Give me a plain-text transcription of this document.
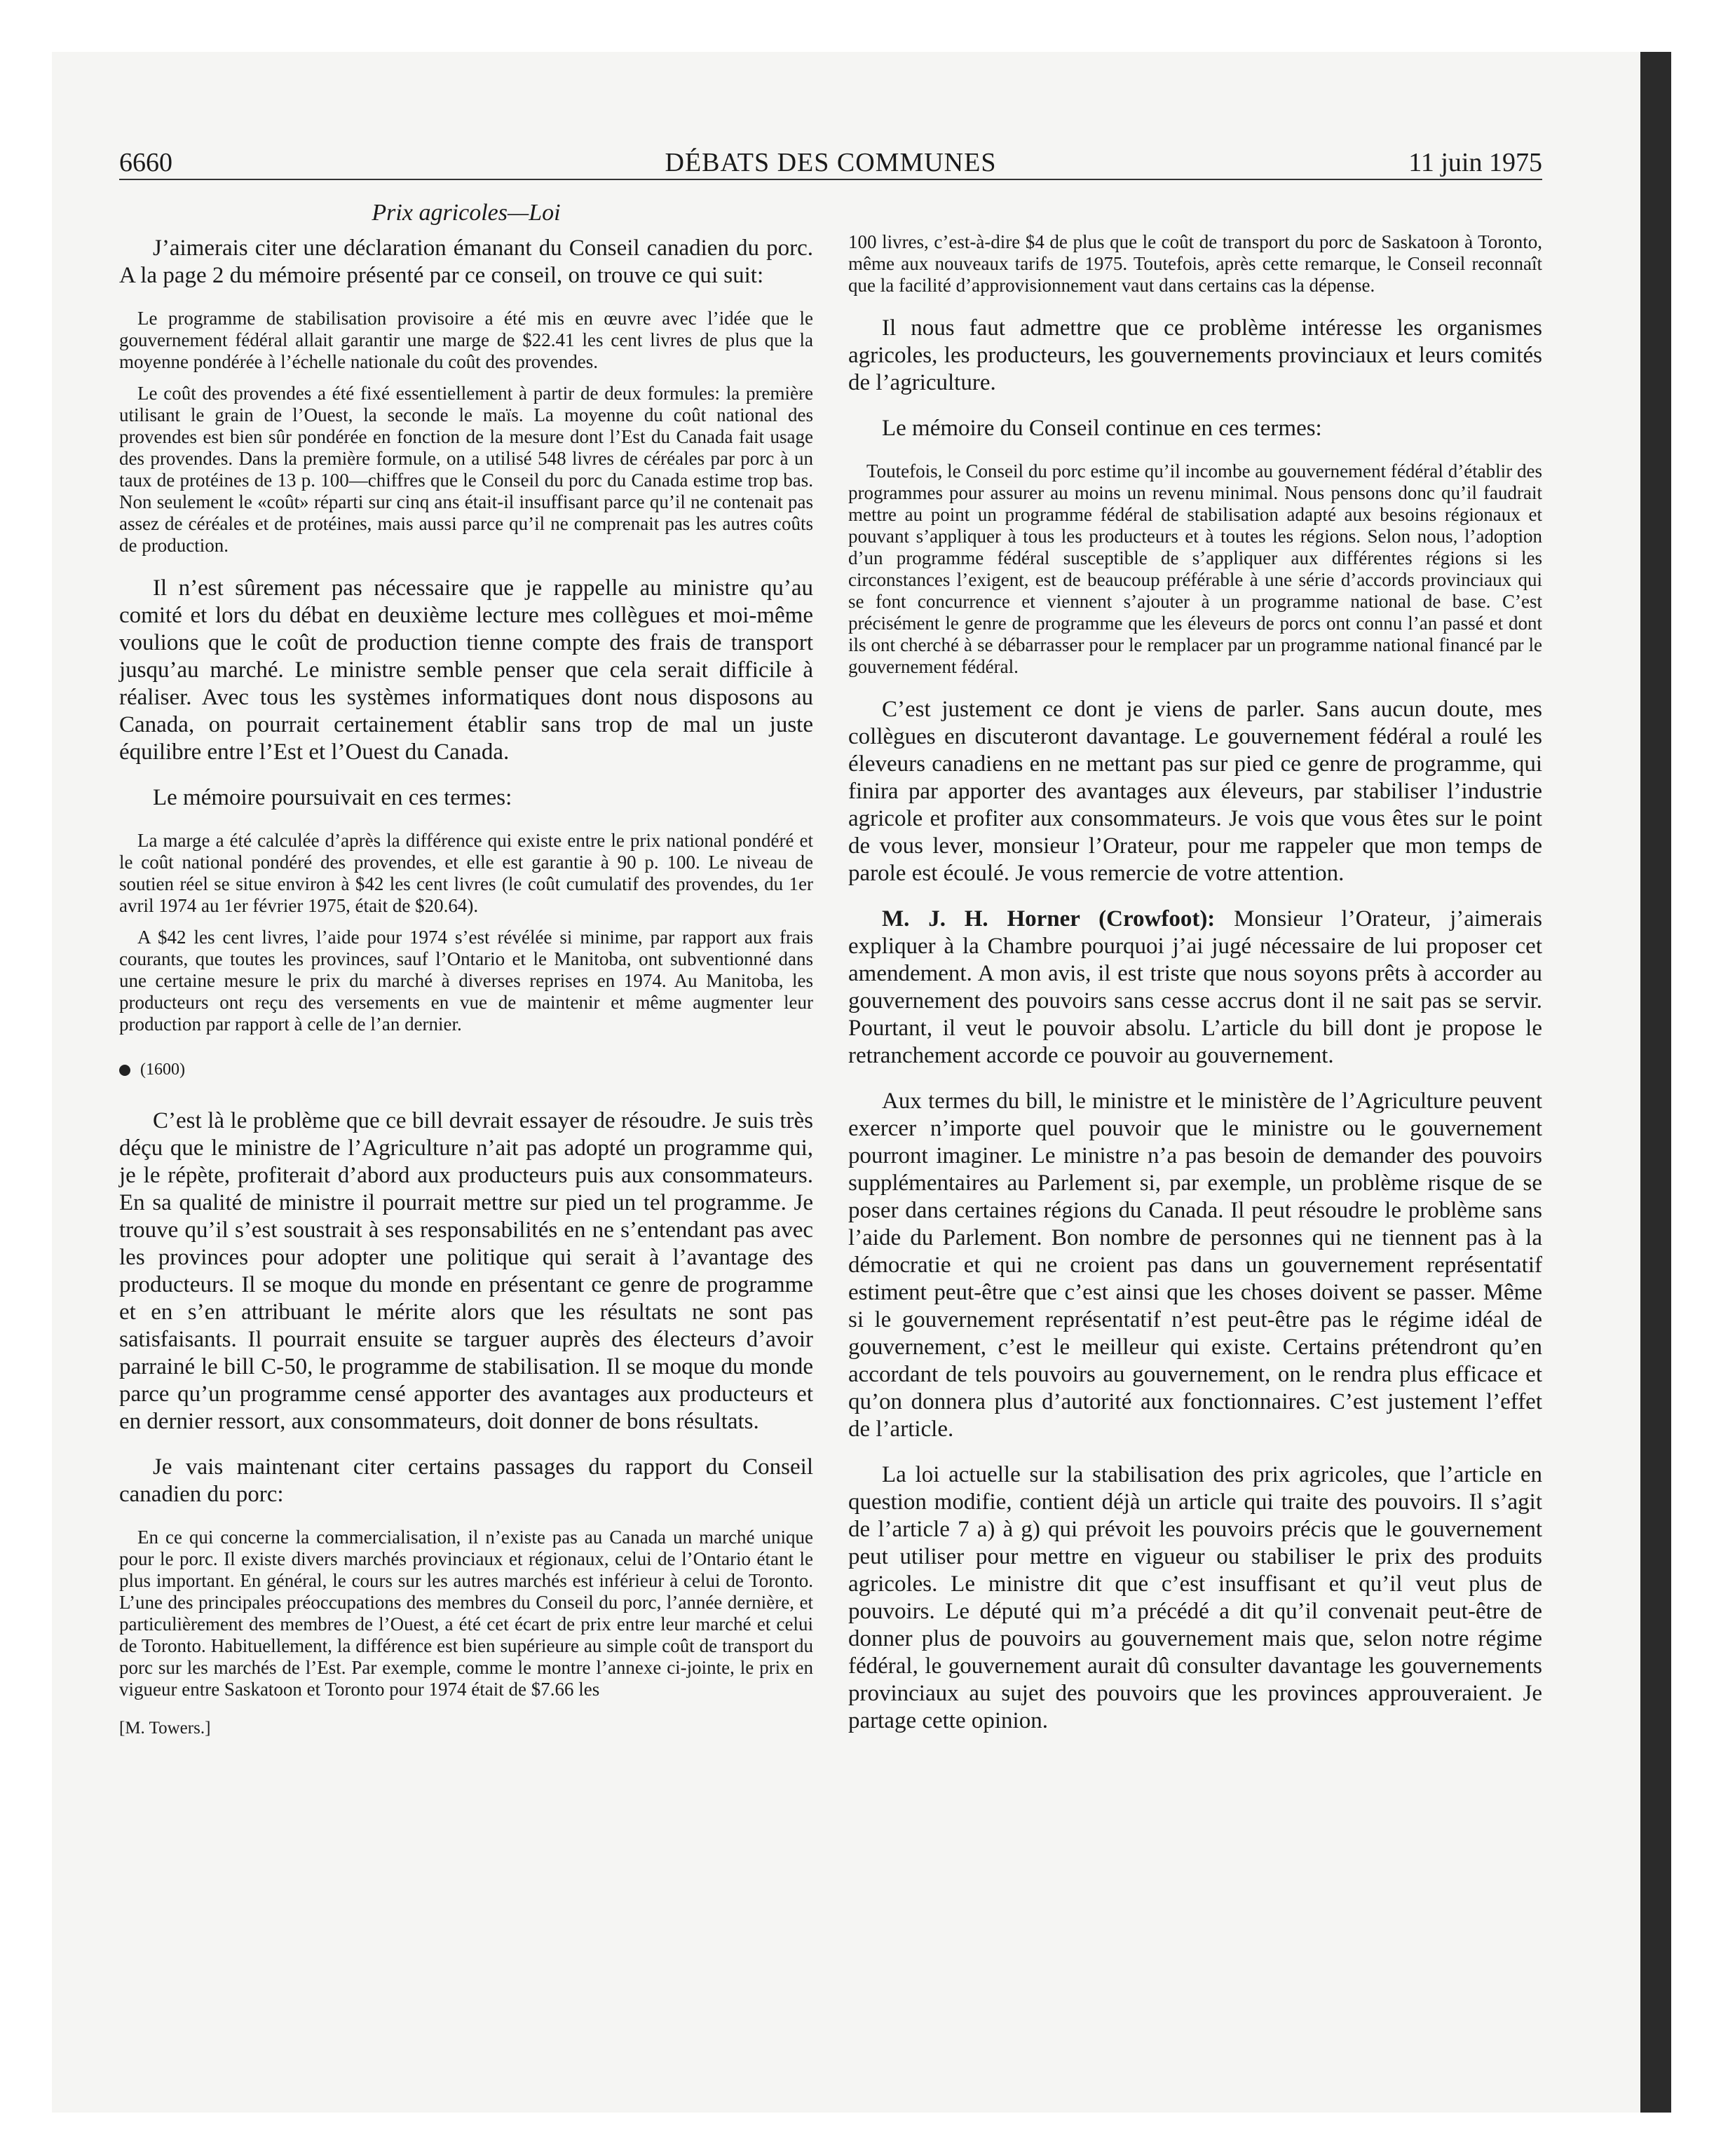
6660	DÉBATS DES COMMUNES	11 juin 1975
Prix agricoles—Loi

J’aimerais citer une déclaration émanant du Conseil canadien du porc. A la page 2 du mémoire présenté par ce conseil, on trouve ce qui suit:

Le programme de stabilisation provisoire a été mis en œuvre avec l’idée que le gouvernement fédéral allait garantir une marge de $22.41 les cent livres de plus que la moyenne pondérée à l’échelle nationale du coût des provendes.

Le coût des provendes a été fixé essentiellement à partir de deux formules: la première utilisant le grain de l’Ouest, la seconde le maïs. La moyenne du coût national des provendes est bien sûr pondérée en fonction de la mesure dont l’Est du Canada fait usage des provendes. Dans la première formule, on a utilisé 548 livres de céréales par porc à un taux de protéines de 13 p. 100—chiffres que le Conseil du porc du Canada estime trop bas. Non seulement le «coût» réparti sur cinq ans était-il insuffisant parce qu’il ne contenait pas assez de céréales et de protéines, mais aussi parce qu’il ne comprenait pas les autres coûts de production.

Il n’est sûrement pas nécessaire que je rappelle au ministre qu’au comité et lors du débat en deuxième lecture mes collègues et moi-même voulions que le coût de production tienne compte des frais de transport jusqu’au marché. Le ministre semble penser que cela serait difficile à réaliser. Avec tous les systèmes informatiques dont nous disposons au Canada, on pourrait certainement établir sans trop de mal un juste équilibre entre l’Est et l’Ouest du Canada.

Le mémoire poursuivait en ces termes:

La marge a été calculée d’après la différence qui existe entre le prix national pondéré et le coût national pondéré des provendes, et elle est garantie à 90 p. 100. Le niveau de soutien réel se situe environ à $42 les cent livres (le coût cumulatif des provendes, du 1er avril 1974 au 1er février 1975, était de $20.64).

A $42 les cent livres, l’aide pour 1974 s’est révélée si minime, par rapport aux frais courants, que toutes les provinces, sauf l’Ontario et le Manitoba, ont subventionné dans une certaine mesure le prix du marché à diverses reprises en 1974. Au Manitoba, les producteurs ont reçu des versements en vue de maintenir et même augmenter leur production par rapport à celle de l’an dernier.

(1600)

C’est là le problème que ce bill devrait essayer de résoudre. Je suis très déçu que le ministre de l’Agriculture n’ait pas adopté un programme qui, je le répète, profiterait d’abord aux producteurs puis aux consommateurs. En sa qualité de ministre il pourrait mettre sur pied un tel programme. Je trouve qu’il s’est soustrait à ses responsabilités en ne s’entendant pas avec les provinces pour adopter une politique qui serait à l’avantage des producteurs. Il se moque du monde en présentant ce genre de programme et en s’en attribuant le mérite alors que les résultats ne sont pas satisfaisants. Il pourrait ensuite se targuer auprès des électeurs d’avoir parrainé le bill C-50, le programme de stabilisation. Il se moque du monde parce qu’un programme censé apporter des avantages aux producteurs et en dernier ressort, aux consommateurs, doit donner de bons résultats.

Je vais maintenant citer certains passages du rapport du Conseil canadien du porc:

En ce qui concerne la commercialisation, il n’existe pas au Canada un marché unique pour le porc. Il existe divers marchés provinciaux et régionaux, celui de l’Ontario étant le plus important. En général, le cours sur les autres marchés est inférieur à celui de Toronto. L’une des principales préoccupations des membres du Conseil du porc, l’année dernière, et particulièrement des membres de l’Ouest, a été cet écart de prix entre leur marché et celui de Toronto. Habituellement, la différence est bien supérieure au simple coût de transport du porc sur les marchés de l’Est. Par exemple, comme le montre l’annexe ci-jointe, le prix en vigueur entre Saskatoon et Toronto pour 1974 était de $7.66 les

[M. Towers.]

100 livres, c’est-à-dire $4 de plus que le coût de transport du porc de Saskatoon à Toronto, même aux nouveaux tarifs de 1975. Toutefois, après cette remarque, le Conseil reconnaît que la facilité d’approvisionnement vaut dans certains cas la dépense.

Il nous faut admettre que ce problème intéresse les organismes agricoles, les producteurs, les gouvernements provinciaux et leurs comités de l’agriculture.

Le mémoire du Conseil continue en ces termes:

Toutefois, le Conseil du porc estime qu’il incombe au gouvernement fédéral d’établir des programmes pour assurer au moins un revenu minimal. Nous pensons donc qu’il faudrait mettre au point un programme fédéral de stabilisation adapté aux besoins régionaux et pouvant s’appliquer à tous les producteurs et à toutes les régions. Selon nous, l’adoption d’un programme fédéral susceptible de s’appliquer aux différentes régions si les circonstances l’exigent, est de beaucoup préférable à une série d’accords provinciaux qui se font concurrence et viennent s’ajouter à un programme national de base. C’est précisément le genre de programme que les éleveurs de porcs ont connu l’an passé et dont ils ont cherché à se débarrasser pour le remplacer par un programme national financé par le gouvernement fédéral.

C’est justement ce dont je viens de parler. Sans aucun doute, mes collègues en discuteront davantage. Le gouvernement fédéral a roulé les éleveurs canadiens en ne mettant pas sur pied ce genre de programme, qui finira par apporter des avantages aux éleveurs, par stabiliser l’industrie agricole et profiter aux consommateurs. Je vois que vous êtes sur le point de vous lever, monsieur l’Orateur, pour me rappeler que mon temps de parole est écoulé. Je vous remercie de votre attention.

M. J. H. Horner (Crowfoot): Monsieur l’Orateur, j’aimerais expliquer à la Chambre pourquoi j’ai jugé nécessaire de lui proposer cet amendement. A mon avis, il est triste que nous soyons prêts à accorder au gouvernement des pouvoirs sans cesse accrus dont il ne sait pas se servir. Pourtant, il veut le pouvoir absolu. L’article du bill dont je propose le retranchement accorde ce pouvoir au gouvernement.

Aux termes du bill, le ministre et le ministère de l’Agriculture peuvent exercer n’importe quel pouvoir que le ministre ou le gouvernement pourront imaginer. Le ministre n’a pas besoin de demander des pouvoirs supplémentaires au Parlement si, par exemple, un problème risque de se poser dans certaines régions du Canada. Il peut résoudre le problème sans l’aide du Parlement. Bon nombre de personnes qui ne tiennent pas à la démocratie et qui ne croient pas dans un gouvernement représentatif estiment peut-être que c’est ainsi que les choses doivent se passer. Même si le gouvernement représentatif n’est peut-être pas le régime idéal de gouvernement, c’est le meilleur qui existe. Certains prétendront qu’en accordant de tels pouvoirs au gouvernement, on le rendra plus efficace et qu’on donnera plus d’autorité aux fonctionnaires. C’est justement l’effet de l’article.

La loi actuelle sur la stabilisation des prix agricoles, que l’article en question modifie, contient déjà un article qui traite des pouvoirs. Il s’agit de l’article 7 a) à g) qui prévoit les pouvoirs précis que le gouvernement peut utiliser pour mettre en vigueur ou stabiliser le prix des produits agricoles. Le ministre dit que c’est insuffisant et qu’il veut plus de pouvoirs. Le député qui m’a précédé a dit qu’il convenait peut-être de donner plus de pouvoirs au gouvernement mais que, selon notre régime fédéral, le gouvernement aurait dû consulter davantage les gouvernements provinciaux au sujet des pouvoirs que les provinces approuveraient. Je partage cette opinion.
